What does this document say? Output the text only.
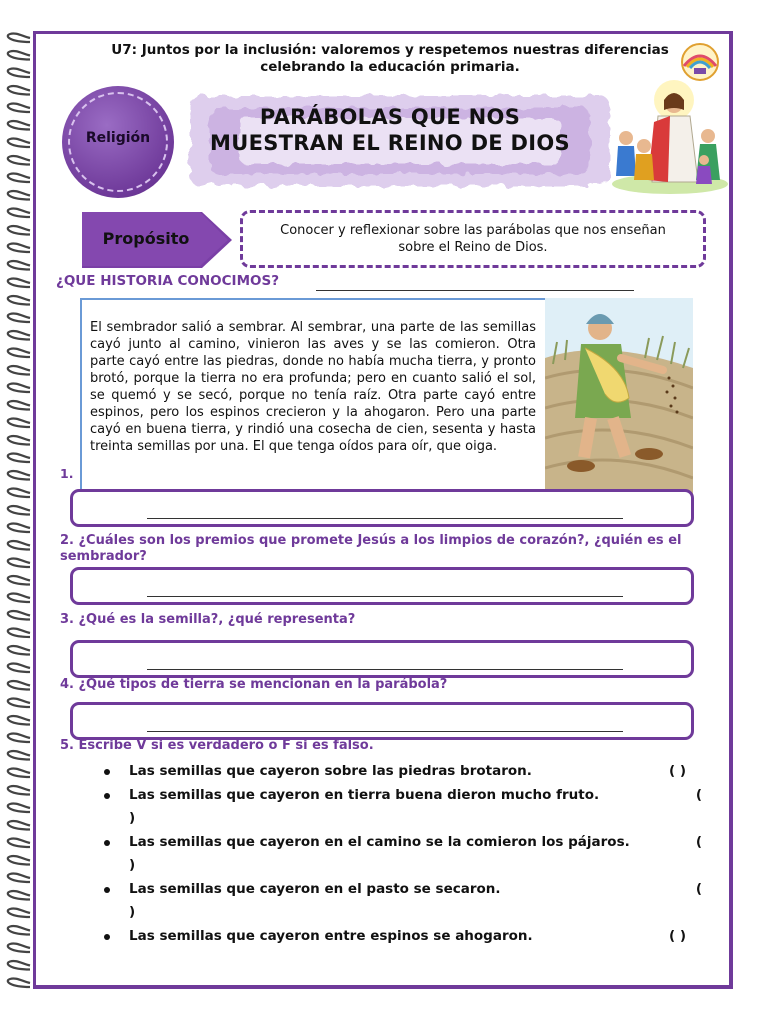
U7: Juntos por la inclusión: valoremos y respetemos nuestras diferencias celebrando la educación primaria.
Religión
PARÁBOLAS QUE NOS
MUESTRAN EL REINO DE DIOS
Propósito	Conocer y reflexionar sobre las parábolas que nos enseñan sobre el Reino de Dios.
¿QUE HISTORIA CONOCIMOS?
El sembrador salió a sembrar. Al sembrar, una parte de las semillas cayó junto al camino, vinieron las aves y se las comieron. Otra parte cayó entre las piedras, donde no había mucha tierra, y pronto brotó, porque la tierra no era profunda; pero en cuanto salió el sol, se quemó y se secó, porque no tenía raíz. Otra parte cayó entre espinos, pero los espinos crecieron y la ahogaron. Pero una parte cayó en buena tierra, y rindió una cosecha de cien, sesenta y hasta treinta semillas por una. El que tenga oídos para oír, que oiga.
1.
2. ¿Cuáles son los premios que promete Jesús a los limpios de corazón?, ¿quién es el sembrador?
3. ¿Qué es la semilla?, ¿qué representa?
4. ¿Qué tipos de tierra se mencionan en la parábola?
5. Escribe V si es verdadero o F si es falso.
Las semillas que cayeron sobre las piedras brotaron.	( )
Las semillas que cayeron en tierra buena dieron mucho fruto.	(
)
Las semillas que cayeron en el camino se la comieron los pájaros.	(
)
Las semillas que cayeron en el pasto se secaron.	(
)
Las semillas que cayeron entre espinos se ahogaron.	( )
